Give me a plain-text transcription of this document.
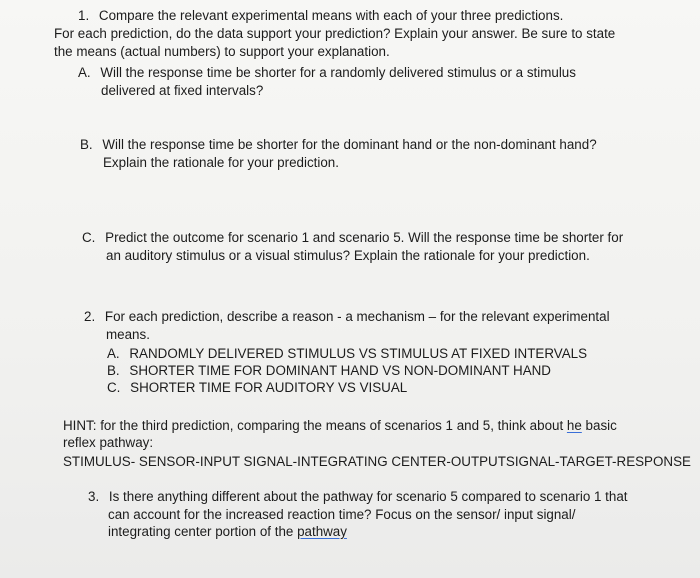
1. Compare the relevant experimental means with each of your three predictions.
For each prediction, do the data support your prediction? Explain your answer. Be sure to state
the means (actual numbers) to support your explanation.
A. Will the response time be shorter for a randomly delivered stimulus or a stimulus
delivered at fixed intervals?
B. Will the response time be shorter for the dominant hand or the non-dominant hand?
Explain the rationale for your prediction.
C. Predict the outcome for scenario 1 and scenario 5. Will the response time be shorter for
an auditory stimulus or a visual stimulus? Explain the rationale for your prediction.
2. For each prediction, describe a reason - a mechanism – for the relevant experimental
means.
A. RANDOMLY DELIVERED STIMULUS VS STIMULUS AT FIXED INTERVALS
B. SHORTER TIME FOR DOMINANT HAND VS NON-DOMINANT HAND
C. SHORTER TIME FOR AUDITORY VS VISUAL
HINT: for the third prediction, comparing the means of scenarios 1 and 5, think about he basic
reflex pathway:
STIMULUS- SENSOR-INPUT SIGNAL-INTEGRATING CENTER-OUTPUTSIGNAL-TARGET-RESPONSE
3. Is there anything different about the pathway for scenario 5 compared to scenario 1 that
can account for the increased reaction time? Focus on the sensor/ input signal/
integrating center portion of the pathway
